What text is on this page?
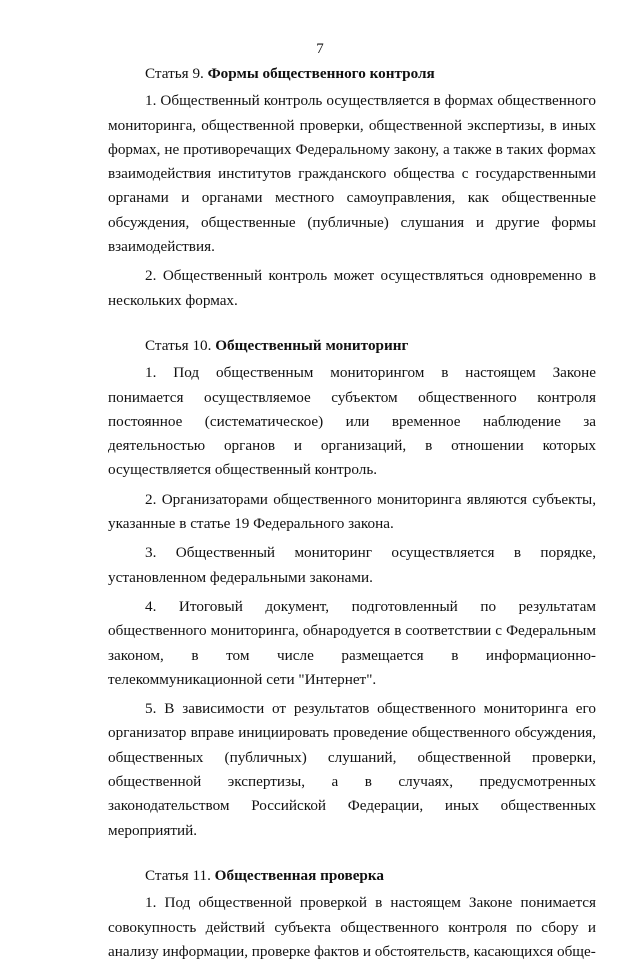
7

Статья 9. Формы общественного контроля

1. Общественный контроль осуществляется в формах общественного мониторинга, общественной проверки, общественной экспертизы, в иных формах, не противоречащих Федеральному закону, а также в таких формах взаимодействия институтов гражданского общества с государственными органами и органами местного самоуправления, как общественные обсуждения, общественные (публичные) слушания и другие формы взаимодействия.

2. Общественный контроль может осуществляться одновременно в нескольких формах.

Статья 10. Общественный мониторинг

1. Под общественным мониторингом в настоящем Законе понимается осуществляемое субъектом общественного контроля постоянное (систематическое) или временное наблюдение за деятельностью органов и организаций, в отношении которых осуществляется общественный контроль.

2. Организаторами общественного мониторинга являются субъекты, указанные в статье 19 Федерального закона.

3. Общественный мониторинг осуществляется в порядке, установленном федеральными законами.

4. Итоговый документ, подготовленный по результатам общественного мониторинга, обнародуется в соответствии с Федеральным законом, в том числе размещается в информационно-телекоммуникационной сети "Интернет".

5. В зависимости от результатов общественного мониторинга его организатор вправе инициировать проведение общественного обсуждения, общественных (публичных) слушаний, общественной проверки, общественной экспертизы, а в случаях, предусмотренных законодательством Российской Федерации, иных общественных мероприятий.

Статья 11. Общественная проверка

1. Под общественной проверкой в настоящем Законе понимается совокупность действий субъекта общественного контроля по сбору и анализу информации, проверке фактов и обстоятельств, касающихся обще-
